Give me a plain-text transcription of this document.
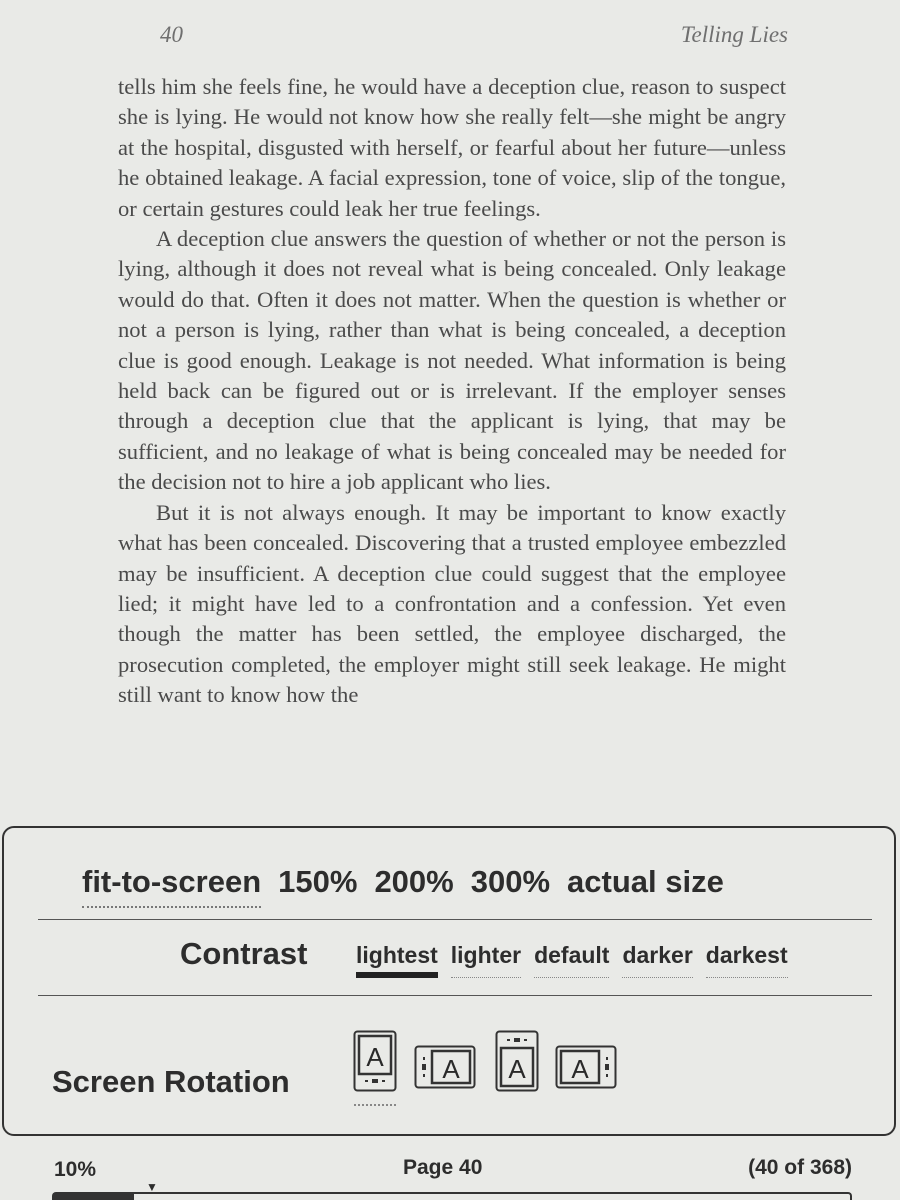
40	Telling Lies

tells him she feels fine, he would have a deception clue, reason to suspect she is lying. He would not know how she really felt—she might be angry at the hospital, disgusted with herself, or fearful about her future—unless he obtained leakage. A facial expression, tone of voice, slip of the tongue, or certain gestures could leak her true feelings.

A deception clue answers the question of whether or not the person is lying, although it does not reveal what is being concealed. Only leakage would do that. Often it does not matter. When the question is whether or not a person is lying, rather than what is being concealed, a deception clue is good enough. Leakage is not needed. What information is being held back can be figured out or is irrelevant. If the employer senses through a deception clue that the applicant is lying, that may be sufficient, and no leakage of what is being concealed may be needed for the decision not to hire a job applicant who lies.

But it is not always enough. It may be important to know exactly what has been concealed. Discovering that a trusted employee embezzled may be insufficient. A deception clue could suggest that the employee lied; it might have led to a confrontation and a confession. Yet even though the matter has been settled, the employee discharged, the prosecution completed, the employer might still seek leakage. He might still want to know how the

fit-to-screen 150% 200% 300% actual size
Contrast lightest lighter default darker darkest
Screen Rotation
A A A A
10%
▼
Page 40	(40 of 368)
